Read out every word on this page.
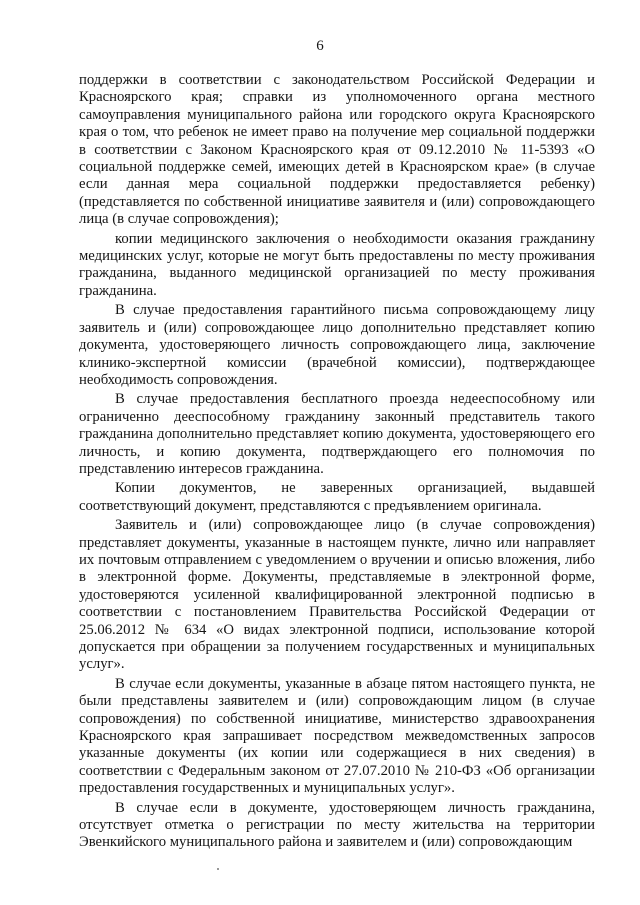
6

поддержки в соответствии с законодательством Российской Федерации и Красноярского края; справки из уполномоченного органа местного самоуправления муниципального района или городского округа Красноярского края о том, что ребенок не имеет право на получение мер социальной поддержки в соответствии с Законом Красноярского края от 09.12.2010 № 11-5393 «О социальной поддержке семей, имеющих детей в Красноярском крае» (в случае если данная мера социальной поддержки предоставляется ребенку) (представляется по собственной инициативе заявителя и (или) сопровождающего лица (в случае сопровождения);

копии медицинского заключения о необходимости оказания гражданину медицинских услуг, которые не могут быть предоставлены по месту проживания гражданина, выданного медицинской организацией по месту проживания гражданина.

В случае предоставления гарантийного письма сопровождающему лицу заявитель и (или) сопровождающее лицо дополнительно представляет копию документа, удостоверяющего личность сопровождающего лица, заключение клинико-экспертной комиссии (врачебной комиссии), подтверждающее необходимость сопровождения.

В случае предоставления бесплатного проезда недееспособному или ограниченно дееспособному гражданину законный представитель такого гражданина дополнительно представляет копию документа, удостоверяющего его личность, и копию документа, подтверждающего его полномочия по представлению интересов гражданина.

Копии документов, не заверенных организацией, выдавшей соответствующий документ, представляются с предъявлением оригинала.

Заявитель и (или) сопровождающее лицо (в случае сопровождения) представляет документы, указанные в настоящем пункте, лично или направляет их почтовым отправлением с уведомлением о вручении и описью вложения, либо в электронной форме. Документы, представляемые в электронной форме, удостоверяются усиленной квалифицированной электронной подписью в соответствии с постановлением Правительства Российской Федерации от 25.06.2012 № 634 «О видах электронной подписи, использование которой допускается при обращении за получением государственных и муниципальных услуг».

В случае если документы, указанные в абзаце пятом настоящего пункта, не были представлены заявителем и (или) сопровождающим лицом (в случае сопровождения) по собственной инициативе, министерство здравоохранения Красноярского края запрашивает посредством межведомственных запросов указанные документы (их копии или содержащиеся в них сведения) в соответствии с Федеральным законом от 27.07.2010 № 210-ФЗ «Об организации предоставления государственных и муниципальных услуг».

В случае если в документе, удостоверяющем личность гражданина, отсутствует отметка о регистрации по месту жительства на территории Эвенкийского муниципального района и заявителем и (или) сопровождающим
